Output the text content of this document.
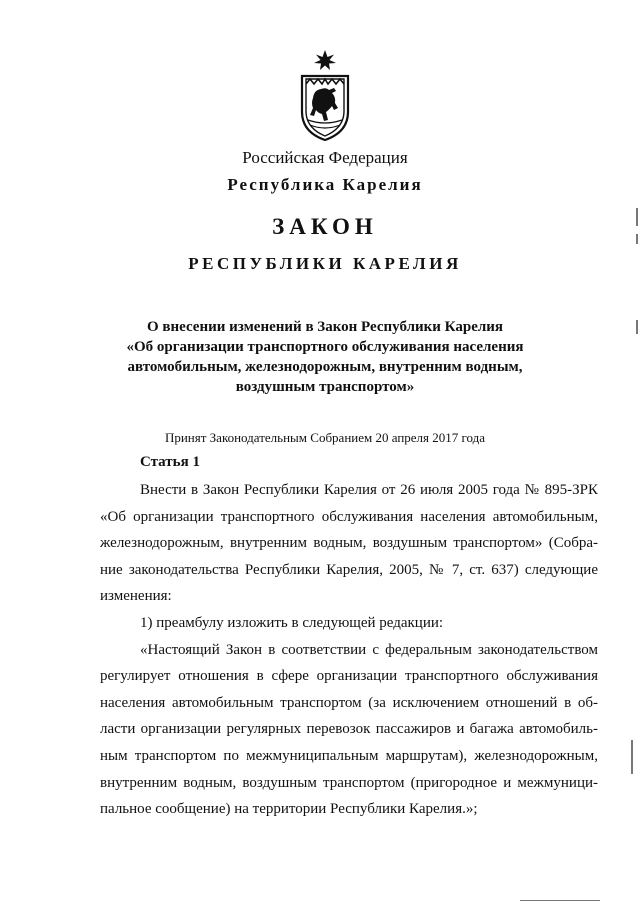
Российская Федерация
Республика Карелия
ЗАКОН
РЕСПУБЛИКИ КАРЕЛИЯ
О внесении изменений в Закон Республики Карелия
«Об организации транспортного обслуживания населения
автомобильным, железнодорожным, внутренним водным,
воздушным транспортом»
Принят Законодательным Собранием 20 апреля 2017 года
Статья 1
Внести в Закон Республики Карелия от 26 июля 2005 года № 895-ЗРК
«Об организации транспортного обслуживания населения автомобильным,
железнодорожным, внутренним водным, воздушным транспортом» (Собра-
ние законодательства Республики Карелия, 2005, № 7, ст. 637) следующие
изменения:
1) преамбулу изложить в следующей редакции:
«Настоящий Закон в соответствии с федеральным законодательством
регулирует отношения в сфере организации транспортного обслуживания
населения автомобильным транспортом (за исключением отношений в об-
ласти организации регулярных перевозок пассажиров и багажа автомобиль-
ным транспортом по межмуниципальным маршрутам), железнодорожным,
внутренним водным, воздушным транспортом (пригородное и межмуници-
пальное сообщение) на территории Республики Карелия.»;
